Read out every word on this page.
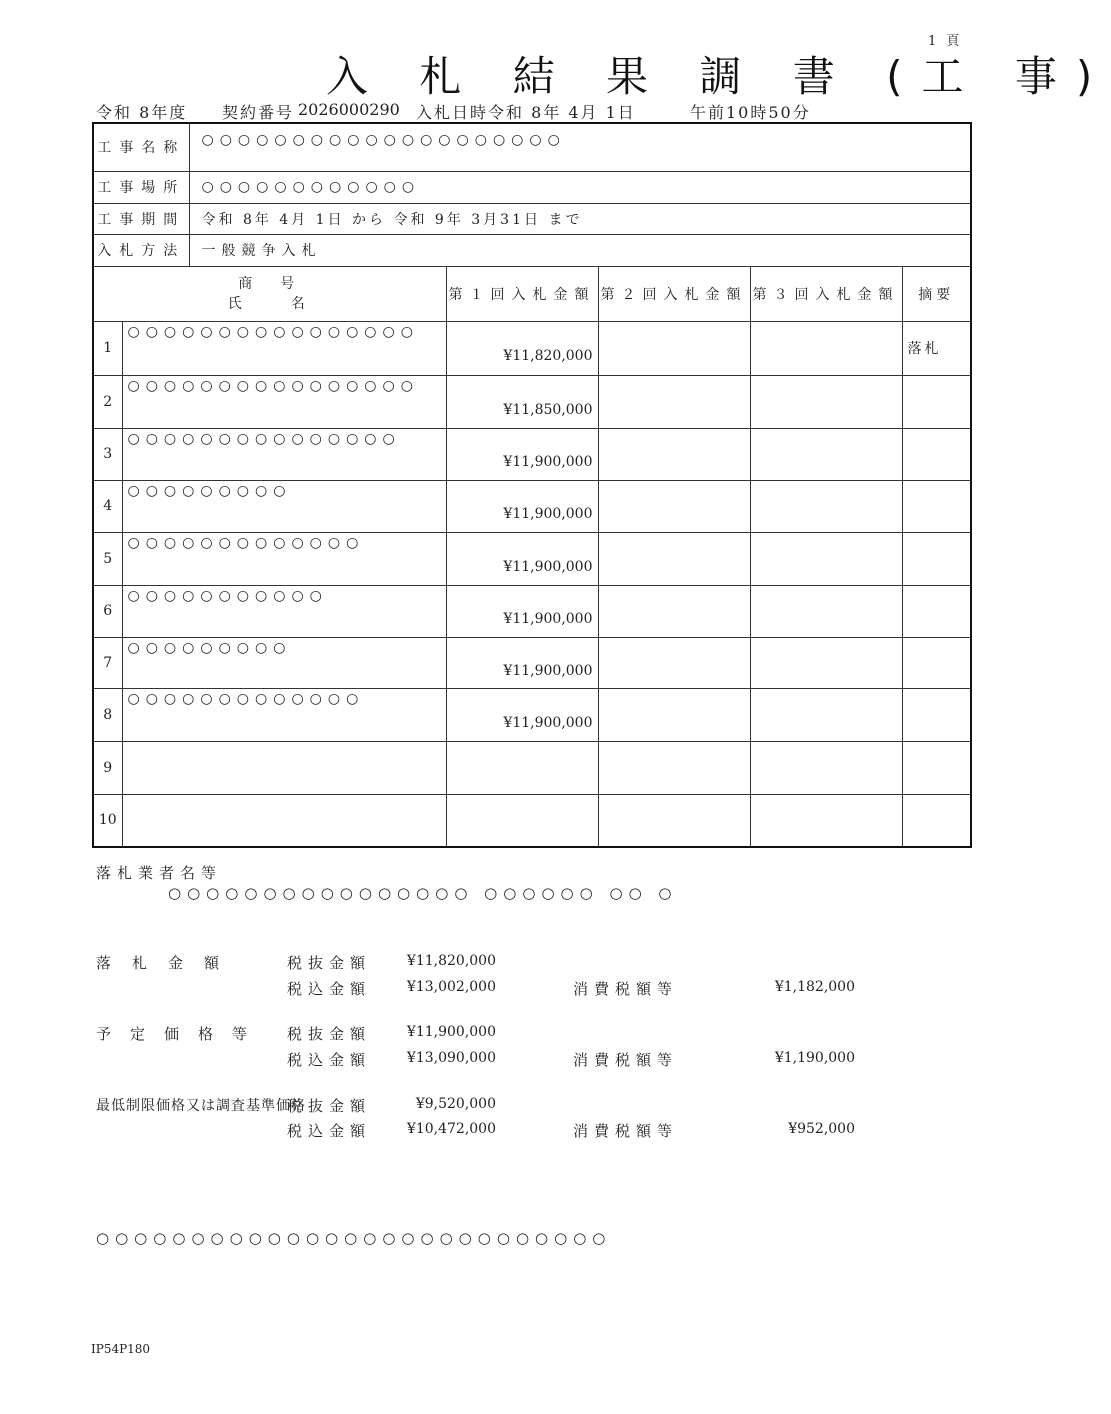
1 頁
入 札 結 果 調 書 (工 事)
令和 8年度 契約番号 2026000290 入札日時 令和 8年 4月 1日	午前10時50分
工事名称		○○○○○○○○○○○○○○○○○○○○				
工事場所		○○○○○○○○○○○○				
工事期間		令和 8年 4月 1日 から 令和 9年 3月31日 まで				
入札方法		一般競争入札				

商　号
氏　　名			第１回入札金額	第２回入札金額	第３回入札金額	摘要
1	○○○○○○○○○○○○○○○○		¥11,820,000			落札
2	○○○○○○○○○○○○○○○○		¥11,850,000			
3	○○○○○○○○○○○○○○○		¥11,900,000			
4	○○○○○○○○○		¥11,900,000			
5	○○○○○○○○○○○○○		¥11,900,000			
6	○○○○○○○○○○○		¥11,900,000			
7	○○○○○○○○○		¥11,900,000			
8	○○○○○○○○○○○○○		¥11,900,000			
9						
10						
落札業者名等
○○○○○○○○○○○○○○○○ ○○○○○○ ○○ ○
落　札　金　額	税抜金額	¥11,820,000
税込金額	¥13,002,000	消費税額等	¥1,182,000
予　定　価　格　等	税抜金額	¥11,900,000
税込金額	¥13,090,000	消費税額等	¥1,190,000
最低制限価格又は調査基準価格
税抜金額	¥9,520,000
税込金額	¥10,472,000	消費税額等	¥952,000
○○○○○○○○○○○○○○○○○○○○○○○○○○○
IP54P180
